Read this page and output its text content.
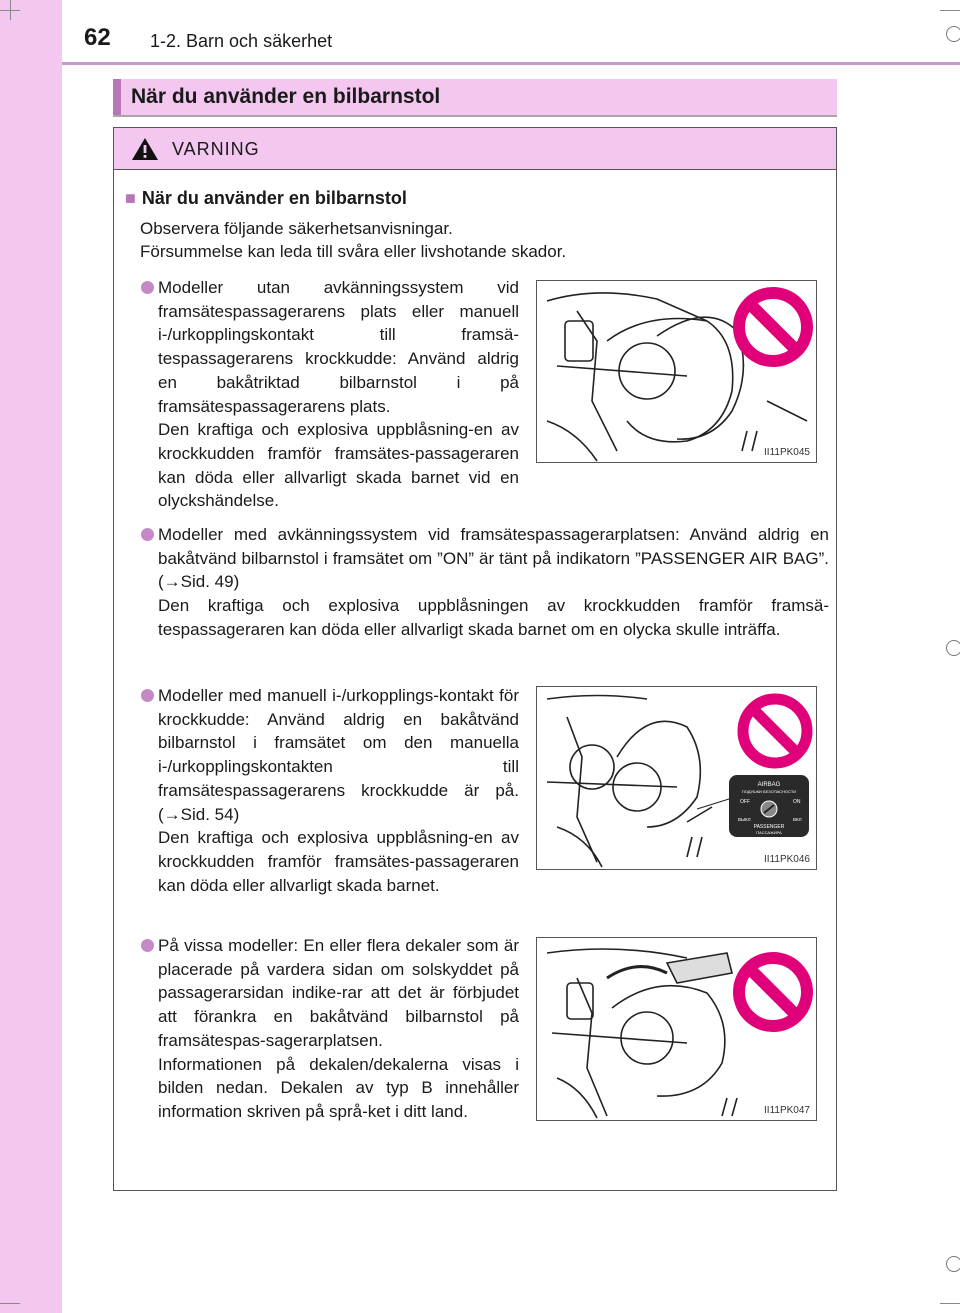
62 1-2. Barn och säkerhet
När du använder en bilbarnstol
VARNING
■ När du använder en bilbarnstol
Observera följande säkerhetsanvisningar.
Försummelse kan leda till svåra eller livshotande skador.
Modeller utan avkänningssystem vid framsätespassagerarens plats eller manuell i-/urkopplingskontakt till framsä-tespassagerarens krockkudde: Använd aldrig en bakåtriktad bilbarnstol i på framsätespassagerarens plats.
Den kraftiga och explosiva uppblåsning-en av krockkudden framför framsätes-passageraren kan döda eller allvarligt skada barnet vid en olyckshändelse.
II11PK045
Modeller med avkänningssystem vid framsätespassagerarplatsen: Använd aldrig en bakåtvänd bilbarnstol i framsätet om ”ON” är tänt på indikatorn ”PASSENGER AIR BAG”. (→Sid. 49)
Den kraftiga och explosiva uppblåsningen av krockkudden framför framsä-tespassageraren kan döda eller allvarligt skada barnet om en olycka skulle inträffa.
Modeller med manuell i-/urkopplings-kontakt för krockkudde: Använd aldrig en bakåtvänd bilbarnstol i framsätet om den manuella i-/urkopplingskontakten till framsätespassagerarens krockkudde är på. (→Sid. 54)
Den kraftiga och explosiva uppblåsning-en av krockkudden framför framsätes-passageraren kan döda eller allvarligt skada barnet.
AIRBAG
ПОДУШКИ БЕЗОПАСНОСТИ
OFF	ON
ВЫКЛ	ВКЛ
PASSENGER
ПАССАЖИРА
II11PK046
På vissa modeller: En eller flera dekaler som är placerade på vardera sidan om solskyddet på passagerarsidan indike-rar att det är förbjudet att förankra en bakåtvänd bilbarnstol på framsätespas-sagerarplatsen.
Informationen på dekalen/dekalerna visas i bilden nedan. Dekalen av typ B innehåller information skriven på språ-ket i ditt land.	II11PK047
